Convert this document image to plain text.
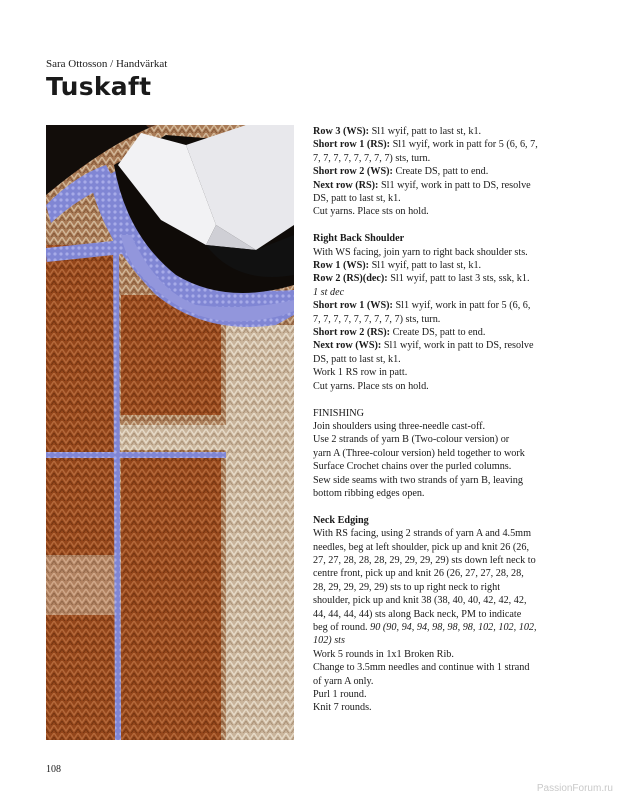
Sara Ottosson / Handvärkat
Tuskaft

Row 3 (WS): Sl1 wyif, patt to last st, k1.

Short row 1 (RS): Sl1 wyif, work in patt for 5 (6, 6, 7,

7, 7, 7, 7, 7, 7, 7, 7) sts, turn.

Short row 2 (WS): Create DS, patt to end.

Next row (RS): Sl1 wyif, work in patt to DS, resolve

DS, patt to last st, k1.

Cut yarns. Place sts on hold.

Right Back Shoulder

With WS facing, join yarn to right back shoulder sts.

Row 1 (WS): Sl1 wyif, patt to last st, k1.

Row 2 (RS)(dec): Sl1 wyif, patt to last 3 sts, ssk, k1.

1 st dec

Short row 1 (WS): Sl1 wyif, work in patt for 5 (6, 6,

7, 7, 7, 7, 7, 7, 7, 7, 7) sts, turn.

Short row 2 (RS): Create DS, patt to end.

Next row (WS): Sl1 wyif, work in patt to DS, resolve

DS, patt to last st, k1.

Work 1 RS row in patt.

Cut yarns. Place sts on hold.

FINISHING

Join shoulders using three-needle cast-off.

Use 2 strands of yarn B (Two-colour version) or

yarn A (Three-colour version) held together to work

Surface Crochet chains over the purled columns.

Sew side seams with two strands of yarn B, leaving

bottom ribbing edges open.

Neck Edging

With RS facing, using 2 strands of yarn A and 4.5mm

needles, beg at left shoulder, pick up and knit 26 (26,

27, 27, 28, 28, 28, 29, 29, 29, 29) sts down left neck to

centre front, pick up and knit 26 (26, 27, 27, 28, 28,

28, 29, 29, 29, 29) sts to up right neck to right

shoulder, pick up and knit 38 (38, 40, 40, 42, 42, 42,

44, 44, 44, 44) sts along Back neck, PM to indicate

beg of round. 90 (90, 94, 94, 98, 98, 98, 102, 102, 102,

102) sts

Work 5 rounds in 1x1 Broken Rib.

Change to 3.5mm needles and continue with 1 strand

of yarn A only.

Purl 1 round.

Knit 7 rounds.

108
PassionForum.ru
